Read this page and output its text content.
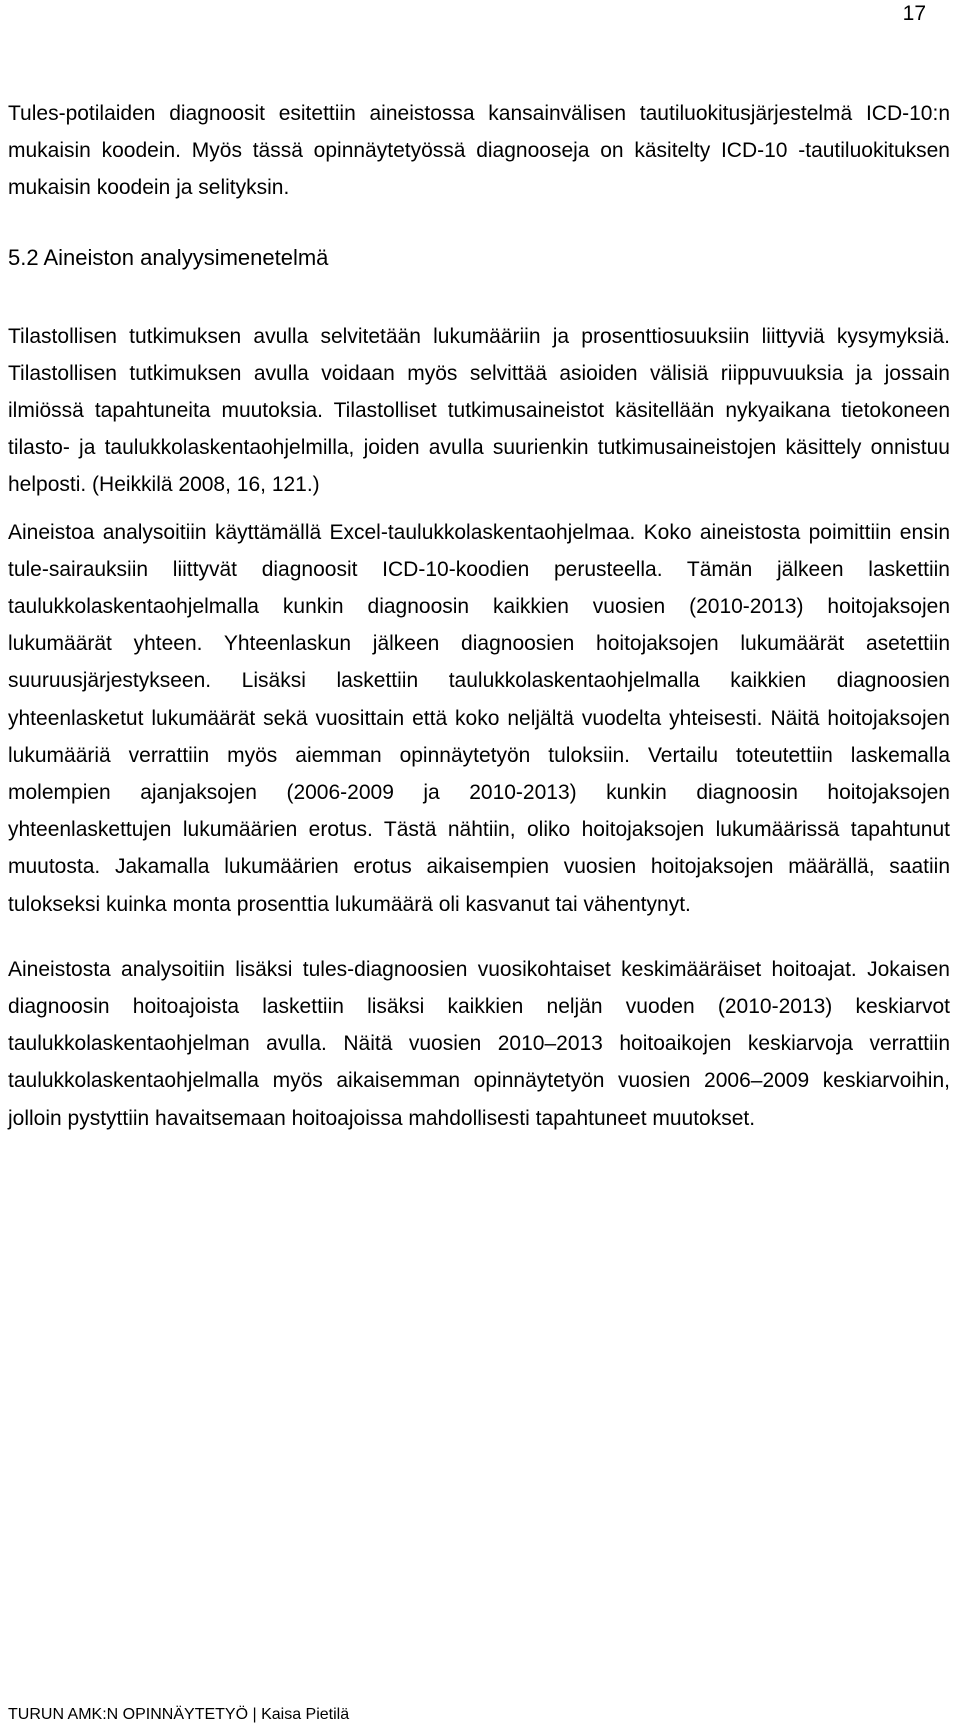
17

Tules-potilaiden diagnoosit esitettiin aineistossa kansainvälisen tautiluokitusjärjestelmä ICD-10:n mukaisin koodein. Myös tässä opinnäytetyössä diagnooseja on käsitelty ICD-10 -tautiluokituksen mukaisin koodein ja selityksin.

5.2 Aineiston analyysimenetelmä

Tilastollisen tutkimuksen avulla selvitetään lukumääriin ja prosenttiosuuksiin liittyviä kysymyksiä. Tilastollisen tutkimuksen avulla voidaan myös selvittää asioiden välisiä riippuvuuksia ja jossain ilmiössä tapahtuneita muutoksia. Tilastolliset tutkimusaineistot käsitellään nykyaikana tietokoneen tilasto- ja taulukkolaskentaohjelmilla, joiden avulla suurienkin tutkimusaineistojen käsittely onnistuu helposti. (Heikkilä 2008, 16, 121.)

Aineistoa analysoitiin käyttämällä Excel-taulukkolaskentaohjelmaa. Koko aineistosta poimittiin ensin tule-sairauksiin liittyvät diagnoosit ICD-10-koodien perusteella. Tämän jälkeen laskettiin taulukkolaskentaohjelmalla kunkin diagnoosin kaikkien vuosien (2010-2013) hoitojaksojen lukumäärät yhteen. Yhteenlaskun jälkeen diagnoosien hoitojaksojen lukumäärät asetettiin suuruusjärjestykseen. Lisäksi laskettiin taulukkolaskentaohjelmalla kaikkien diagnoosien yhteenlasketut lukumäärät sekä vuosittain että koko neljältä vuodelta yhteisesti. Näitä hoitojaksojen lukumääriä verrattiin myös aiemman opinnäytetyön tuloksiin. Vertailu toteutettiin laskemalla molempien ajanjaksojen (2006-2009 ja 2010-2013) kunkin diagnoosin hoitojaksojen yhteenlaskettujen lukumäärien erotus. Tästä nähtiin, oliko hoitojaksojen lukumäärissä tapahtunut muutosta. Jakamalla lukumäärien erotus aikaisempien vuosien hoitojaksojen määrällä, saatiin tulokseksi kuinka monta prosenttia lukumäärä oli kasvanut tai vähentynyt.

Aineistosta analysoitiin lisäksi tules-diagnoosien vuosikohtaiset keskimääräiset hoitoajat. Jokaisen diagnoosin hoitoajoista laskettiin lisäksi kaikkien neljän vuoden (2010-2013) keskiarvot taulukkolaskentaohjelman avulla. Näitä vuosien 2010–2013 hoitoaikojen keskiarvoja verrattiin taulukkolaskentaohjelmalla myös aikaisemman opinnäytetyön vuosien 2006–2009 keskiarvoihin, jolloin pystyttiin havaitsemaan hoitoajoissa mahdollisesti tapahtuneet muutokset.

TURUN AMK:N OPINNÄYTETYÖ | Kaisa Pietilä
